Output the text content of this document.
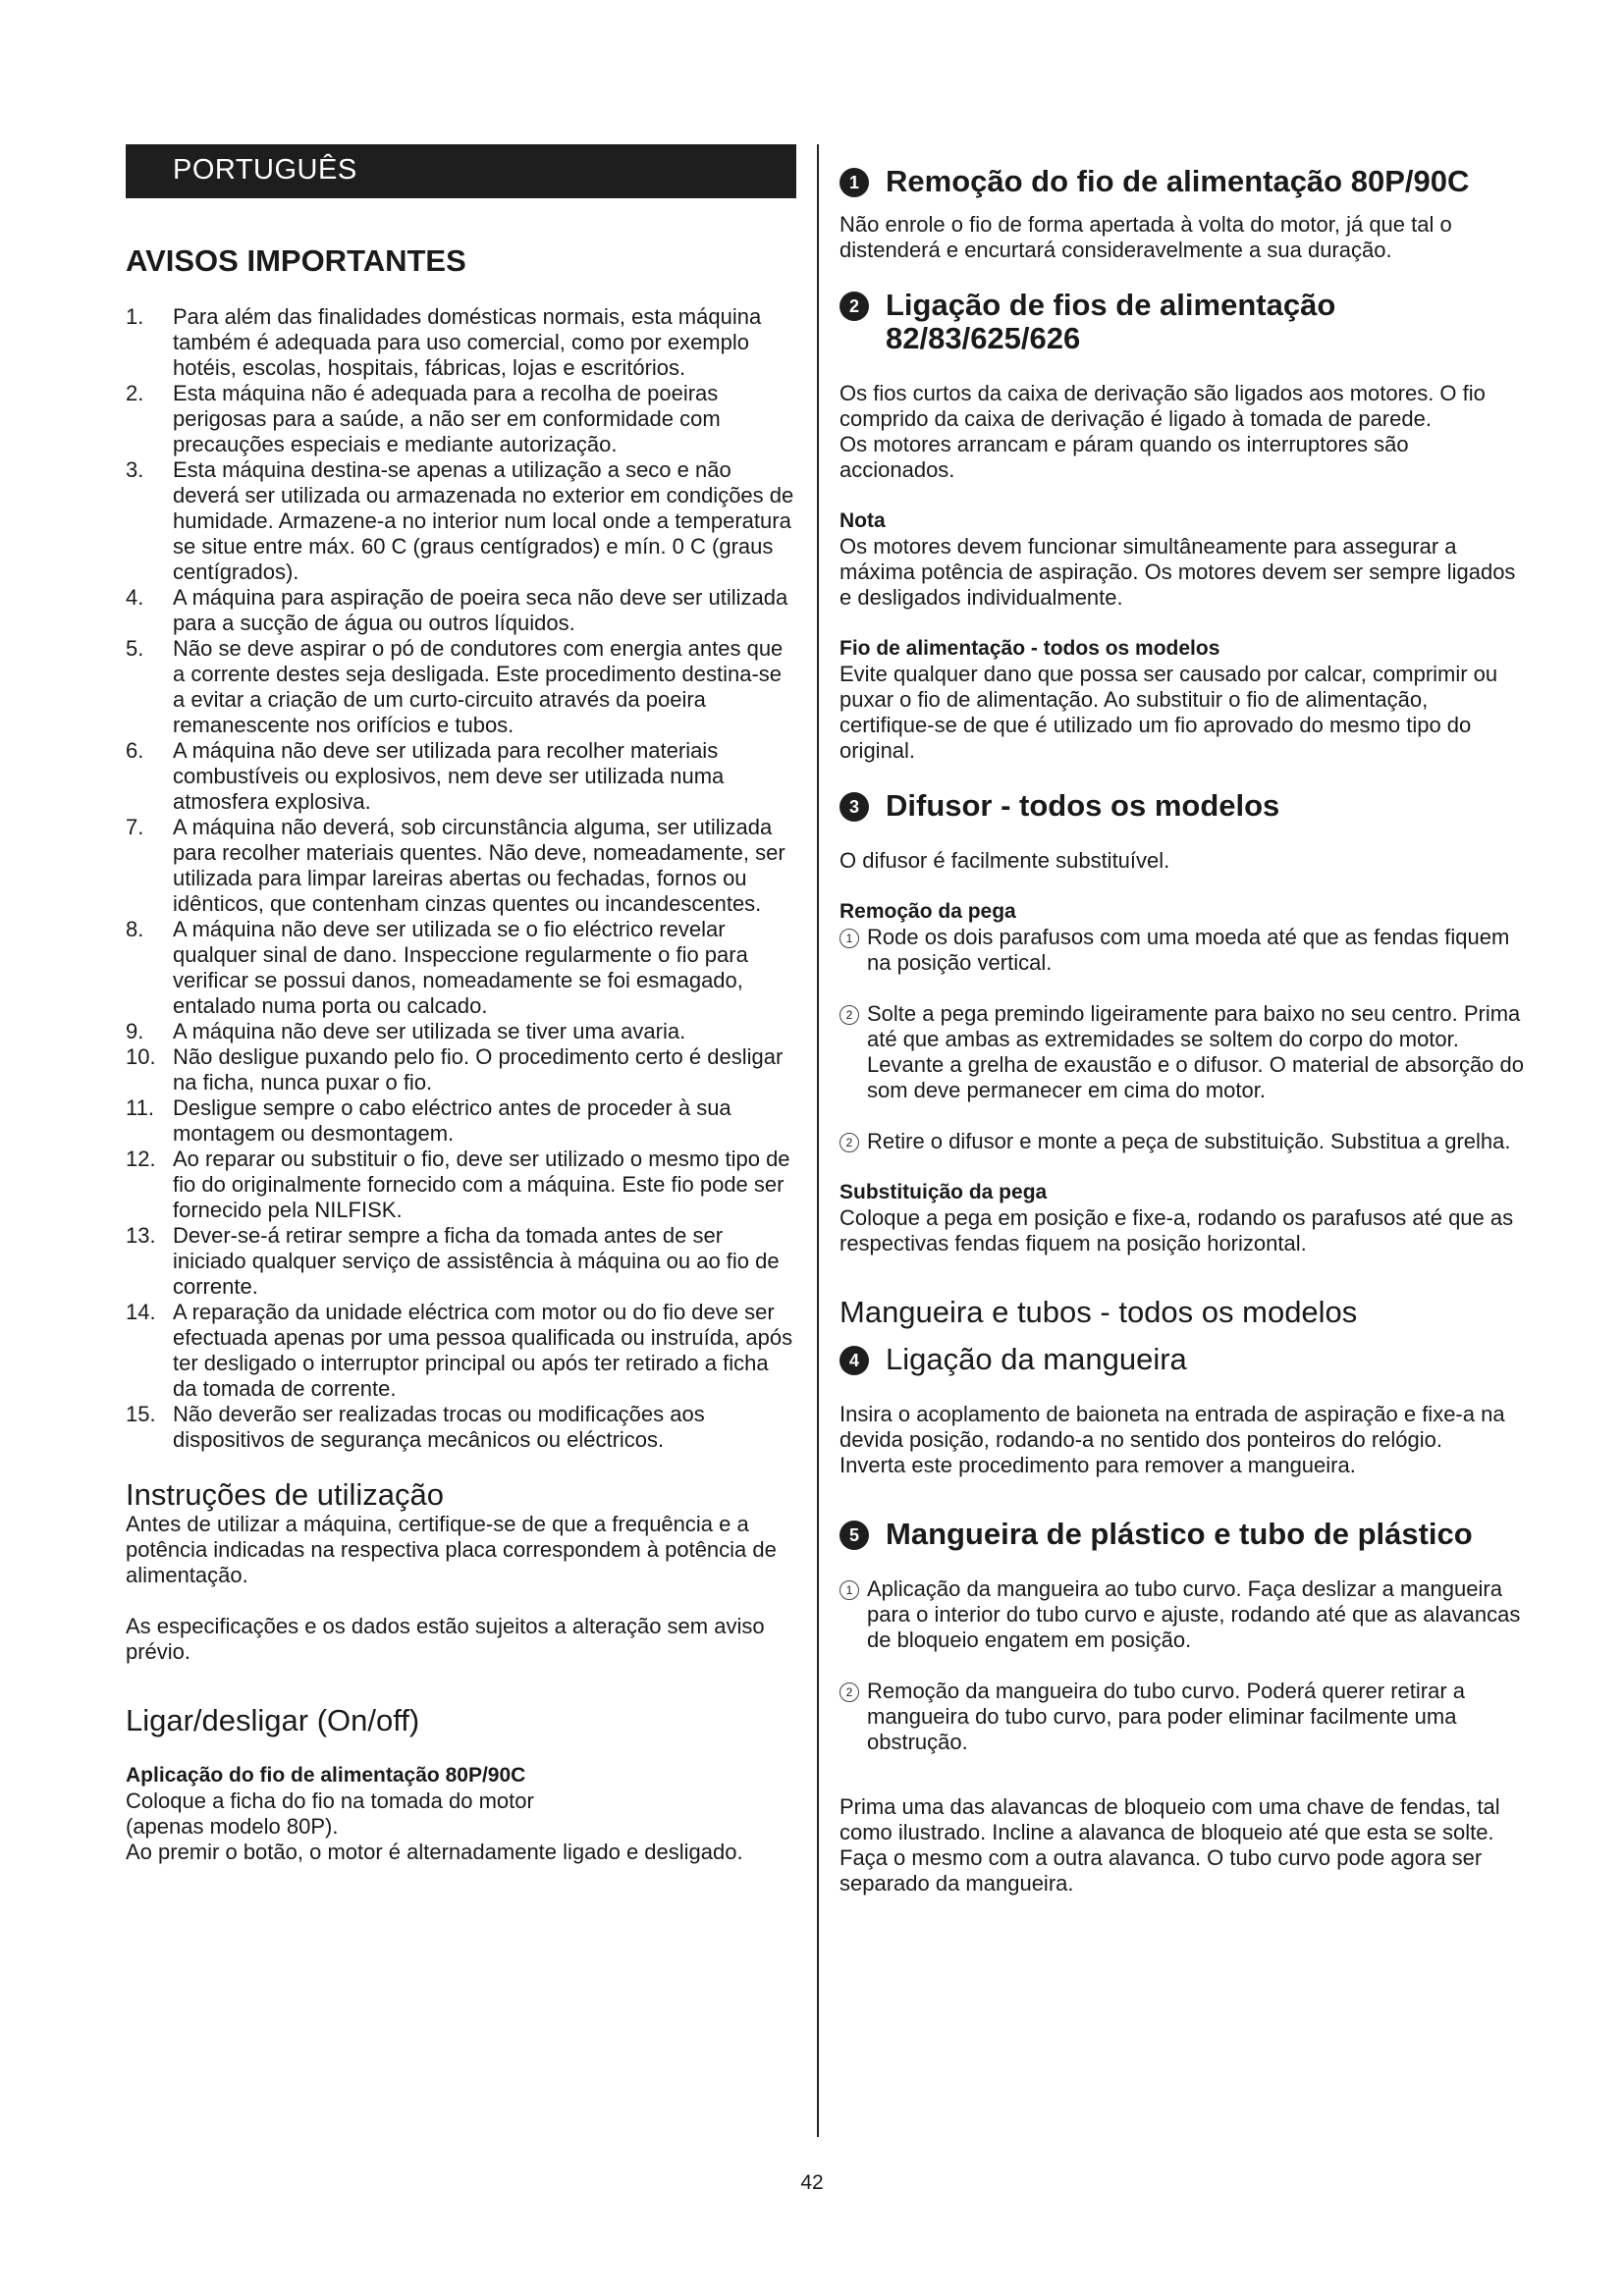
PORTUGUÊS
AVISOS IMPORTANTES
1.	Para além das finalidades domésticas normais, esta máquina também é adequada para uso comercial, como por exemplo hotéis, escolas, hospitais, fábricas, lojas e escritórios.
2.	Esta máquina não é adequada para a recolha de poeiras perigosas para a saúde, a não ser em conformidade com precauções especiais e mediante autorização.
3.	Esta máquina destina-se apenas a utilização a seco e não deverá ser utilizada ou armazenada no exterior em condições de humidade. Armazene-a no interior num local onde a temperatura se situe entre máx. 60 C (graus centígrados) e mín. 0 C (graus centígrados).
4.	A máquina para aspiração de poeira seca não deve ser utilizada para a sucção de água ou outros líquidos.
5.	Não se deve aspirar o pó de condutores com energia antes que a corrente destes seja desligada. Este procedimento destina-se a evitar a criação de um curto-circuito através da poeira remanescente nos orifícios e tubos.
6.	A máquina não deve ser utilizada para recolher materiais combustíveis ou explosivos, nem deve ser utilizada numa atmosfera explosiva.
7.	A máquina não deverá, sob circunstância alguma, ser utilizada para recolher materiais quentes. Não deve, nomeadamente, ser utilizada para limpar lareiras abertas ou fechadas, fornos ou idênticos, que contenham cinzas quentes ou incandescentes.
8.	A máquina não deve ser utilizada se o fio eléctrico revelar qualquer sinal de dano. Inspeccione regularmente o fio para verificar se possui danos, nomeadamente se foi esmagado, entalado numa porta ou calcado.
9.	A máquina não deve ser utilizada se tiver uma avaria.
10. Não desligue puxando pelo fio. O procedimento certo é desligar na ficha, nunca puxar o fio.
11. Desligue sempre o cabo eléctrico antes de proceder à sua montagem ou desmontagem.
12. Ao reparar ou substituir o fio, deve ser utilizado o mesmo tipo de fio do originalmente fornecido com a máquina. Este fio pode ser fornecido pela NILFISK.
13. Dever-se-á retirar sempre a ficha da tomada antes de ser iniciado qualquer serviço de assistência à máquina ou ao fio de corrente.
14. A reparação da unidade eléctrica com motor ou do fio deve ser efectuada apenas por uma pessoa qualificada ou instruída, após ter desligado o interruptor principal ou após ter retirado a ficha da tomada de corrente.
15. Não deverão ser realizadas trocas ou modificações aos dispositivos de segurança mecânicos ou eléctricos.
Instruções de utilização

Antes de utilizar a máquina, certifique-se de que a frequência e a potência indicadas na respectiva placa correspondem à potência de alimentação.

As especificações e os dados estão sujeitos a alteração sem aviso prévio.

Ligar/desligar (On/off)

Aplicação do fio de alimentação 80P/90C

Coloque a ficha do fio na tomada do motor

(apenas modelo 80P).

Ao premir o botão, o motor é alternadamente ligado e desligado.

1 Remoção do fio de alimentação 80P/90C

Não enrole o fio de forma apertada à volta do motor, já que tal o distenderá e encurtará consideravelmente a sua duração.

2 Ligação de fios de alimentação
82/83/625/626

Os fios curtos da caixa de derivação são ligados aos motores. O fio comprido da caixa de derivação é ligado à tomada de parede.

Os motores arrancam e páram quando os interruptores são accionados.

Nota

Os motores devem funcionar simultâneamente para assegurar a máxima potência de aspiração. Os motores devem ser sempre ligados e desligados individualmente.

Fio de alimentação - todos os modelos

Evite qualquer dano que possa ser causado por calcar, comprimir ou puxar o fio de alimentação. Ao substituir o fio de alimentação, certifique-se de que é utilizado um fio aprovado do mesmo tipo do original.

3 Difusor - todos os modelos

O difusor é facilmente substituível.

Remoção da pega

1 Rode os dois parafusos com uma moeda até que as fendas fiquem na posição vertical.

2 Solte a pega premindo ligeiramente para baixo no seu centro. Prima até que ambas as extremidades se soltem do corpo do motor. Levante a grelha de exaustão e o difusor. O material de absorção do som deve permanecer em cima do motor.

2 Retire o difusor e monte a peça de substituição. Substitua a grelha.

Substituição da pega

Coloque a pega em posição e fixe-a, rodando os parafusos até que as respectivas fendas fiquem na posição horizontal.

Mangueira e tubos - todos os modelos
4 Ligação da mangueira

Insira o acoplamento de baioneta na entrada de aspiração e fixe-a na devida posição, rodando-a no sentido dos ponteiros do relógio.

Inverta este procedimento para remover a mangueira.

5 Mangueira de plástico e tubo de plástico

1 Aplicação da mangueira ao tubo curvo. Faça deslizar a mangueira para o interior do tubo curvo e ajuste, rodando até que as alavancas de bloqueio engatem em posição.

2 Remoção da mangueira do tubo curvo. Poderá querer retirar a mangueira do tubo curvo, para poder eliminar facilmente uma obstrução.

Prima uma das alavancas de bloqueio com uma chave de fendas, tal como ilustrado. Incline a alavanca de bloqueio até que esta se solte. Faça o mesmo com a outra alavanca. O tubo curvo pode agora ser separado da mangueira.

42
